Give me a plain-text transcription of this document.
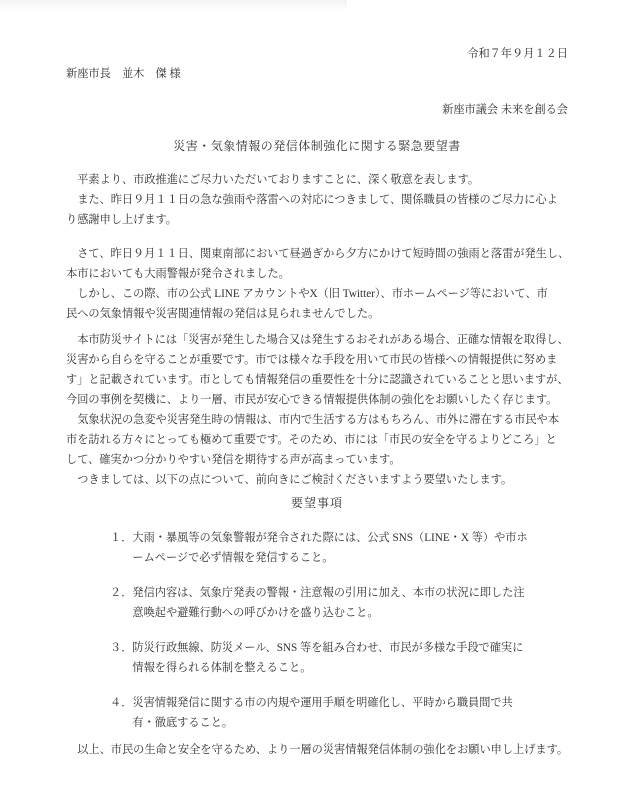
令和７年９月１２日
新座市長　並木　傑 様
新座市議会 未来を創る会
災害・気象情報の発信体制強化に関する緊急要望書
　平素より、市政推進にご尽力いただいておりますことに、深く敬意を表します。
　また、昨日９月１１日の急な強雨や落雷への対応につきまして、関係職員の皆様のご尽力に心よ
り感謝申し上げます。
　さて、昨日９月１１日、関東南部において昼過ぎから夕方にかけて短時間の強雨と落雷が発生し、
本市においても大雨警報が発令されました。
　しかし、この際、市の公式 LINE アカウントやX（旧 Twitter）、市ホームページ等において、市
民への気象情報や災害関連情報の発信は見られませんでした。
　本市防災サイトには「災害が発生した場合又は発生するおそれがある場合、正確な情報を取得し、
災害から自らを守ることが重要です。市では様々な手段を用いて市民の皆様への情報提供に努めま
す」と記載されています。市としても情報発信の重要性を十分に認識されていることと思いますが、
今回の事例を契機に、より一層、市民が安心できる情報提供体制の強化をお願いしたく存じます。
　気象状況の急変や災害発生時の情報は、市内で生活する方はもちろん、市外に滞在する市民や本
市を訪れる方々にとっても極めて重要です。そのため、市には「市民の安全を守るよりどころ」と
して、確実かつ分かりやすい発信を期待する声が高まっています。
　つきましては、以下の点について、前向きにご検討くださいますよう要望いたします。
要望事項
１．大雨・暴風等の気象警報が発令された際には、公式 SNS（LINE・X 等）や市ホ
ームページで必ず情報を発信すること。
２．発信内容は、気象庁発表の警報・注意報の引用に加え、本市の状況に即した注
意喚起や避難行動への呼びかけを盛り込むこと。
３．防災行政無線、防災メール、SNS 等を組み合わせ、市民が多様な手段で確実に
情報を得られる体制を整えること。
４．災害情報発信に関する市の内規や運用手順を明確化し、平時から職員間で共
有・徹底すること。
　以上、市民の生命と安全を守るため、より一層の災害情報発信体制の強化をお願い申し上げます。
